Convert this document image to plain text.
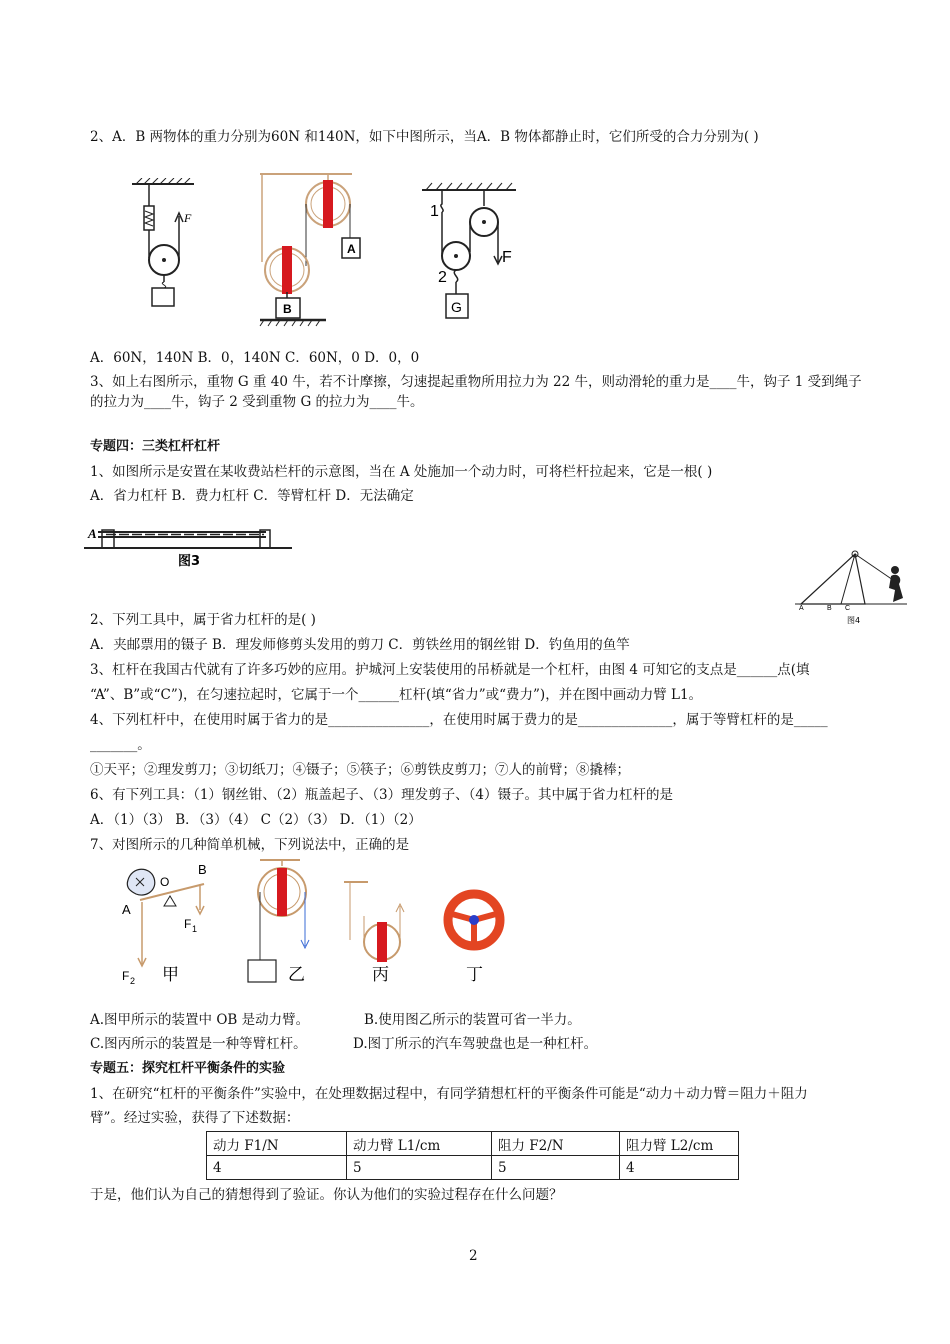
2、A．B 两物体的重力分别为60N 和140N，如下中图所示，当A．B 物体都静止时，它们所受的合力分别为( )
F
A
B
1
F
2
G
A．60N，140N B．0，140N C．60N，0 D．0，0
3、如上右图所示，重物 G 重 40 牛，若不计摩擦，匀速提起重物所用拉力为 22 牛，则动滑轮的重力是____牛，钩子 1 受到绳子
的拉力为____牛，钩子 2 受到重物 G 的拉力为____牛。
专题四：三类杠杆杠杆
1、如图所示是安置在某收费站栏杆的示意图，当在 A 处施加一个动力时，可将栏杆拉起来，它是一根( )
A．省力杠杆 B．费力杠杆 C．等臂杠杆 D．无法确定
A
图3
A	B C
图4
2、下列工具中，属于省力杠杆的是( )
A．夹邮票用的镊子 B．理发师修剪头发用的剪刀 C．剪铁丝用的钢丝钳 D．钓鱼用的鱼竿
3、杠杆在我国古代就有了许多巧妙的应用。护城河上安装使用的吊桥就是一个杠杆，由图 4 可知它的支点是______点(填
“A”、B”或“C”)，在匀速拉起时，它属于一个______杠杆(填“省力”或“费力”)，并在图中画动力臂 L1。
4、下列杠杆中，在使用时属于省力的是_______________，在使用时属于费力的是______________，属于等臂杠杆的是_____
_______。
①天平；②理发剪刀；③切纸刀；④镊子；⑤筷子；⑥剪铁皮剪刀；⑦人的前臂；⑧撬棒；
6、有下列工具：（1）钢丝钳、（2）瓶盖起子、（3）理发剪子、（4）镊子。其中属于省力杠杆的是
A．（1）（3） B．（3）（4） C（2）（3） D．（1）（2）
7、对图所示的几种简单机械，下列说法中，正确的是
B
A
O
F 1
F 2 甲	乙	丙	丁
A.图甲所示的装置中 OB 是动力臂。	B.使用图乙所示的装置可省一半力。
C.图丙所示的装置是一种等臂杠杆。	D.图丁所示的汽车驾驶盘也是一种杠杆。
专题五：探究杠杆平衡条件的实验
1、在研究“杠杆的平衡条件”实验中，在处理数据过程中，有同学猜想杠杆的平衡条件可能是“动力＋动力臂＝阻力＋阻力
臂”。经过实验，获得了下述数据：
动力 F1/N	动力臂 L1/cm	阻力 F2/N	阻力臂 L2/cm
4	5	5	4
于是，他们认为自己的猜想得到了验证。你认为他们的实验过程存在什么问题？
2
